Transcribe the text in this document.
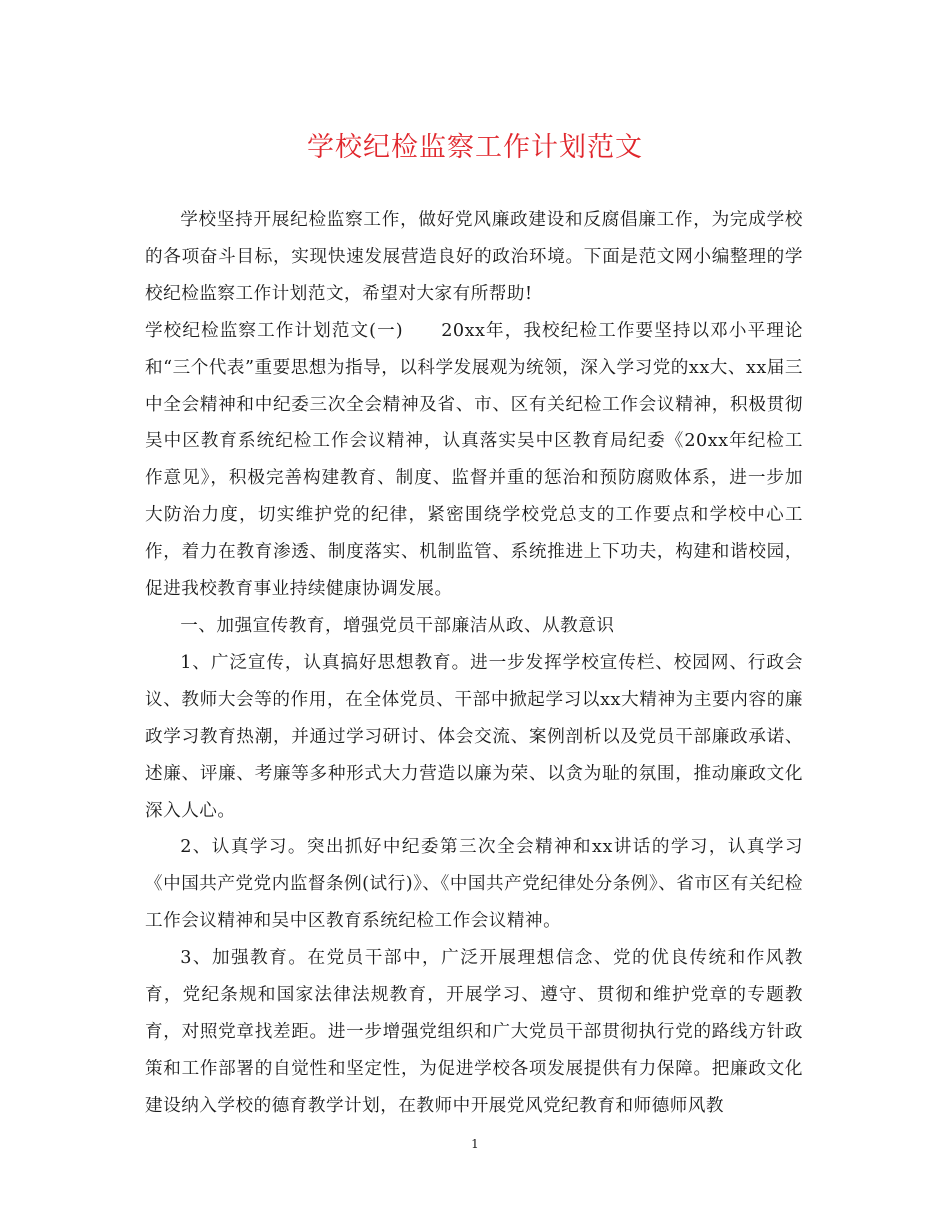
学校纪检监察工作计划范文

学校坚持开展纪检监察工作，做好党风廉政建设和反腐倡廉工作，为完成学校的各项奋斗目标，实现快速发展营造良好的政治环境。下面是范文网小编整理的学校纪检监察工作计划范文，希望对大家有所帮助!

学校纪检监察工作计划范文(一) 20xx年，我校纪检工作要坚持以邓小平理论和“三个代表”重要思想为指导，以科学发展观为统领，深入学习党的xx大、xx届三中全会精神和中纪委三次全会精神及省、市、区有关纪检工作会议精神，积极贯彻吴中区教育系统纪检工作会议精神，认真落实吴中区教育局纪委《20xx年纪检工作意见》，积极完善构建教育、制度、监督并重的惩治和预防腐败体系，进一步加大防治力度，切实维护党的纪律，紧密围绕学校党总支的工作要点和学校中心工作，着力在教育渗透、制度落实、机制监管、系统推进上下功夫，构建和谐校园，促进我校教育事业持续健康协调发展。

一、加强宣传教育，增强党员干部廉洁从政、从教意识

1、广泛宣传，认真搞好思想教育。进一步发挥学校宣传栏、校园网、行政会议、教师大会等的作用，在全体党员、干部中掀起学习以xx大精神为主要内容的廉政学习教育热潮，并通过学习研讨、体会交流、案例剖析以及党员干部廉政承诺、述廉、评廉、考廉等多种形式大力营造以廉为荣、以贪为耻的氛围，推动廉政文化深入人心。

2、认真学习。突出抓好中纪委第三次全会精神和xx讲话的学习，认真学习《中国共产党党内监督条例(试行)》、《中国共产党纪律处分条例》、省市区有关纪检工作会议精神和吴中区教育系统纪检工作会议精神。

3、加强教育。在党员干部中，广泛开展理想信念、党的优良传统和作风教育，党纪条规和国家法律法规教育，开展学习、遵守、贯彻和维护党章的专题教育，对照党章找差距。进一步增强党组织和广大党员干部贯彻执行党的路线方针政策和工作部署的自觉性和坚定性，为促进学校各项发展提供有力保障。把廉政文化建设纳入学校的德育教学计划，在教师中开展党风党纪教育和师德师风教

1
